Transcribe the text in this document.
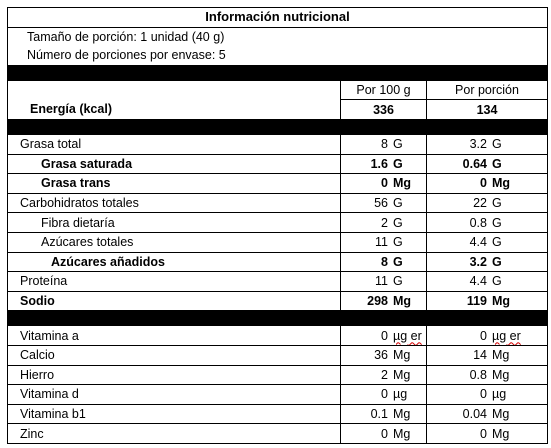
Información nutricional		
Tamaño de porción: 1 unidad (40 g)		
Número de porciones por envase: 5		

	Por 100 g	Por porción
Energía (kcal)	336	134

Grasa total	8 G	3.2 G
Grasa saturada	1.6 G	0.64 G
Grasa trans	0 Mg	0 Mg
Carbohidratos totales	56 G	22 G
Fibra dietaría	2 G	0.8 G
Azúcares totales	11 G	4.4 G
Azúcares añadidos	8 G	3.2 G
Proteína	11 G	4.4 G
Sodio	298 Mg	119 Mg

Vitamina a	0 µg er	0 µg er
Calcio	36 Mg	14 Mg
Hierro	2 Mg	0.8 Mg
Vitamina d	0 µg	0 µg
Vitamina b1	0.1 Mg	0.04 Mg
Zinc	0 Mg	0 Mg
